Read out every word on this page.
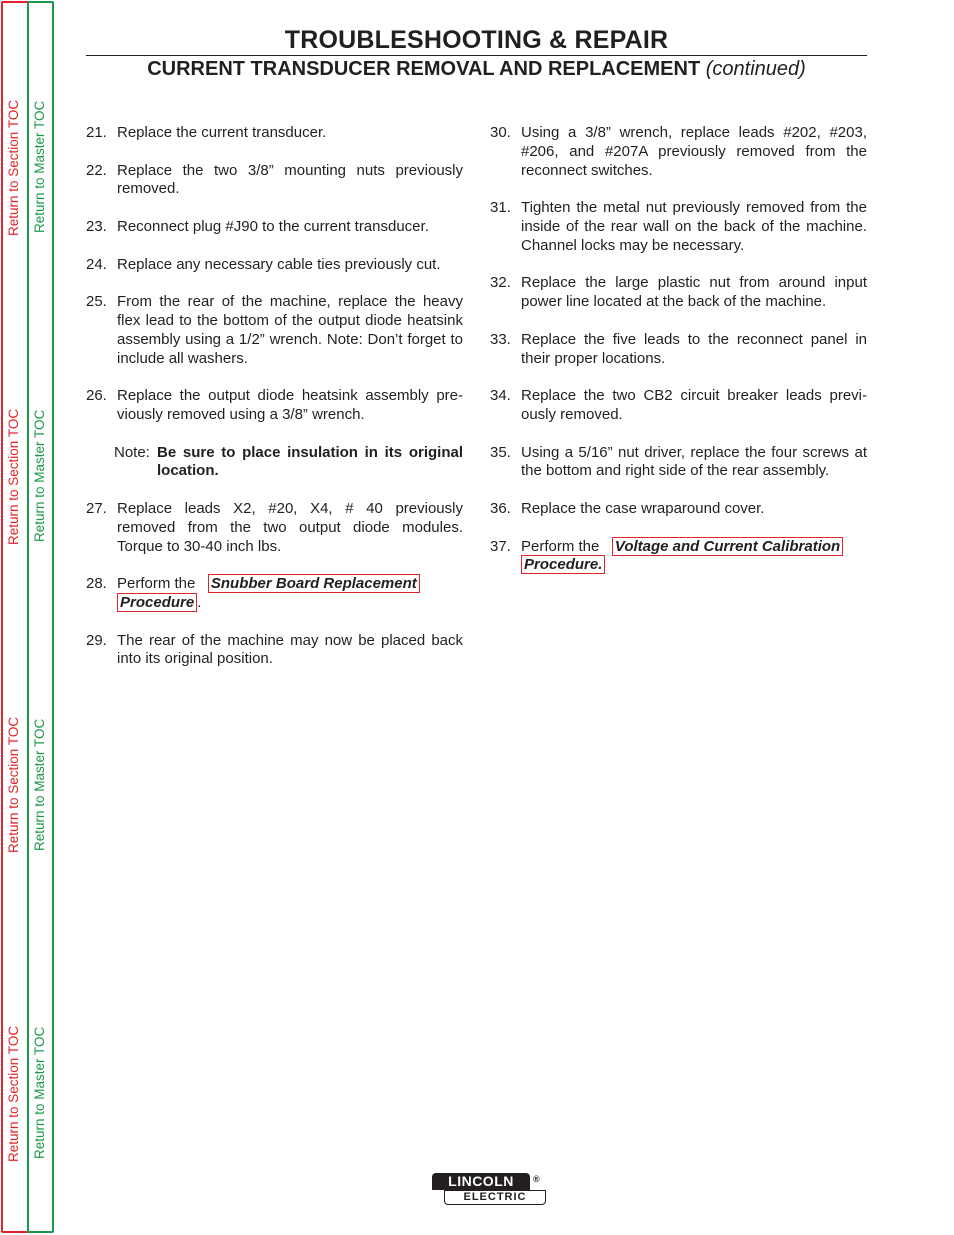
Return to Section TOC Return to Master TOC
Return to Section TOC Return to Master TOC
Return to Section TOC Return to Master TOC
Return to Section TOC Return to Master TOC
TROUBLESHOOTING & REPAIR
CURRENT TRANSDUCER REMOVAL AND REPLACEMENT (continued)
21. Replace the current transducer.
22. Replace the two 3/8” mounting nuts previously removed.
23. Reconnect plug #J90 to the current transducer.
24. Replace any necessary cable ties previously cut.
25. From the rear of the machine, replace the heavy flex lead to the bottom of the output diode heatsink assembly using a 1/2” wrench. Note: Don’t forget to include all washers.
26. Replace the output diode heatsink assembly pre-viously removed using a 3/8” wrench.
Note: Be sure to place insulation in its original location.
27. Replace leads X2, #20, X4, # 40 previously removed from the two output diode modules. Torque to 30-40 inch lbs.
28. Perform the Snubber Board Replacement Procedure .
29. The rear of the machine may now be placed back into its original position.
30. Using a 3/8” wrench, replace leads #202, #203, #206, and #207A previously removed from the reconnect switches.
31. Tighten the metal nut previously removed from the inside of the rear wall on the back of the machine. Channel locks may be necessary.
32. Replace the large plastic nut from around input power line located at the back of the machine.
33. Replace the five leads to the reconnect panel in their proper locations.
34. Replace the two CB2 circuit breaker leads previ-ously removed.
35. Using a 5/16” nut driver, replace the four screws at the bottom and right side of the rear assembly.
36. Replace the case wraparound cover.
37. Perform the Voltage and Current Calibration Procedure.
LINCOLN	®
ELECTRIC
